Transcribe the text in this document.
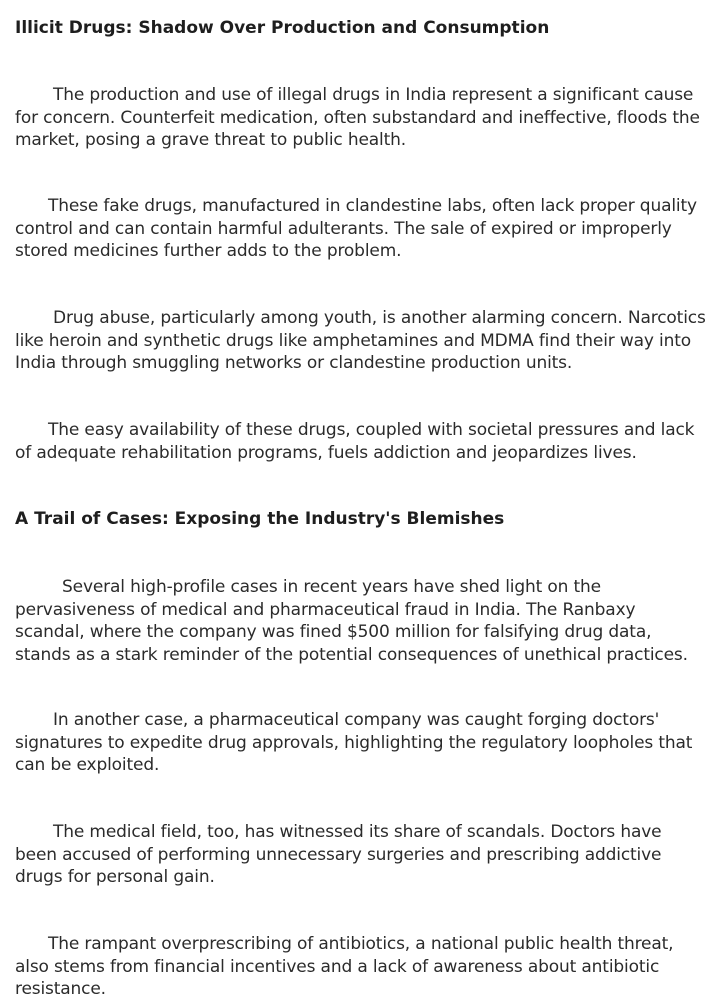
Illicit Drugs: Shadow Over Production and Consumption
The production and use of illegal drugs in India represent a significant cause for concern. Counterfeit medication, often substandard and ineffective, floods the market, posing a grave threat to public health.
These fake drugs, manufactured in clandestine labs, often lack proper quality control and can contain harmful adulterants. The sale of expired or improperly stored medicines further adds to the problem.
Drug abuse, particularly among youth, is another alarming concern. Narcotics like heroin and synthetic drugs like amphetamines and MDMA find their way into India through smuggling networks or clandestine production units.
The easy availability of these drugs, coupled with societal pressures and lack of adequate rehabilitation programs, fuels addiction and jeopardizes lives.
A Trail of Cases: Exposing the Industry's Blemishes
Several high-profile cases in recent years have shed light on the pervasiveness of medical and pharmaceutical fraud in India. The Ranbaxy scandal, where the company was fined $500 million for falsifying drug data, stands as a stark reminder of the potential consequences of unethical practices.
In another case, a pharmaceutical company was caught forging doctors' signatures to expedite drug approvals, highlighting the regulatory loopholes that can be exploited.
The medical field, too, has witnessed its share of scandals. Doctors have been accused of performing unnecessary surgeries and prescribing addictive drugs for personal gain.
The rampant overprescribing of antibiotics, a national public health threat, also stems from financial incentives and a lack of awareness about antibiotic resistance.
